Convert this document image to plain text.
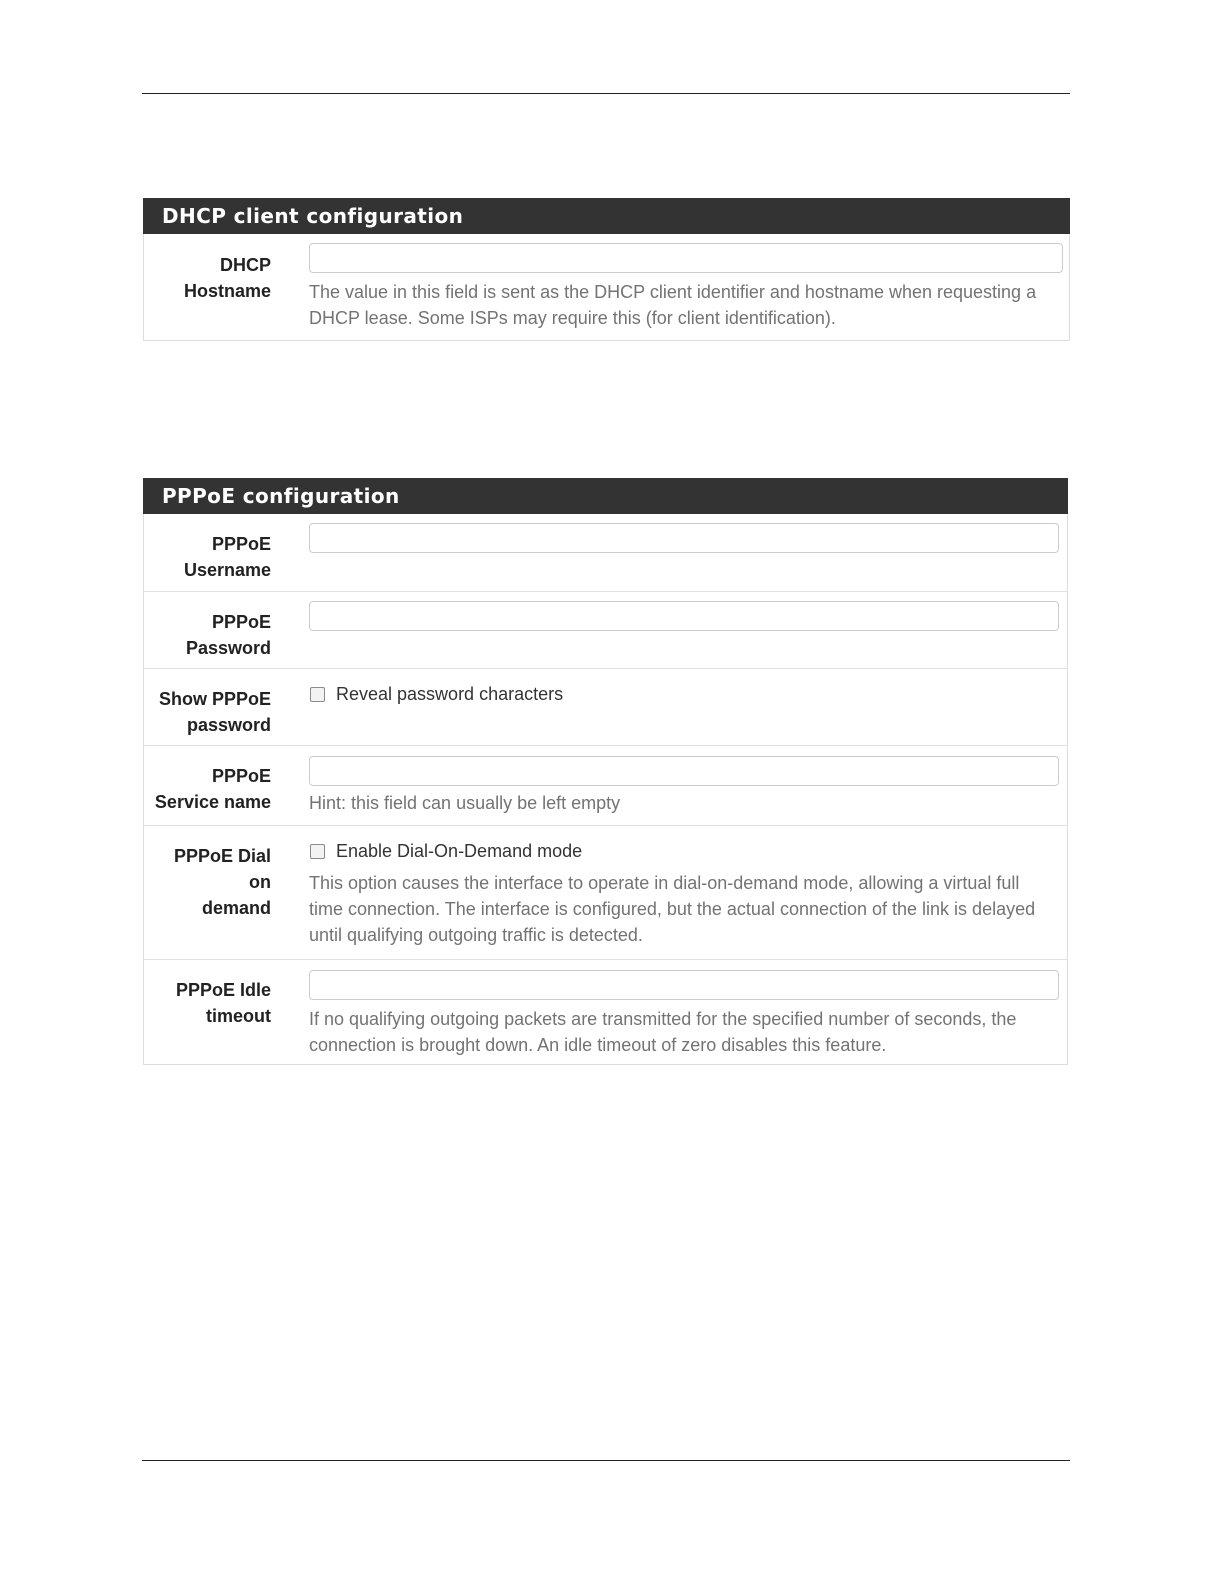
DHCP client configuration
DHCP
Hostname The value in this field is sent as the DHCP client identifier and hostname when requesting a DHCP lease. Some ISPs may require this (for client identification).

PPPoE configuration
PPPoE
Username
PPPoE
Password
Show PPPoE
password
Reveal password characters
PPPoE
Service name Hint: this field can usually be left empty

PPPoE Dial on
demand
Enable Dial-On-Demand mode

This option causes the interface to operate in dial-on-demand mode, allowing a virtual full time connection. The interface is configured, but the actual connection of the link is delayed until qualifying outgoing traffic is detected.

PPPoE Idle
timeout If no qualifying outgoing packets are transmitted for the specified number of seconds, the connection is brought down. An idle timeout of zero disables this feature.
